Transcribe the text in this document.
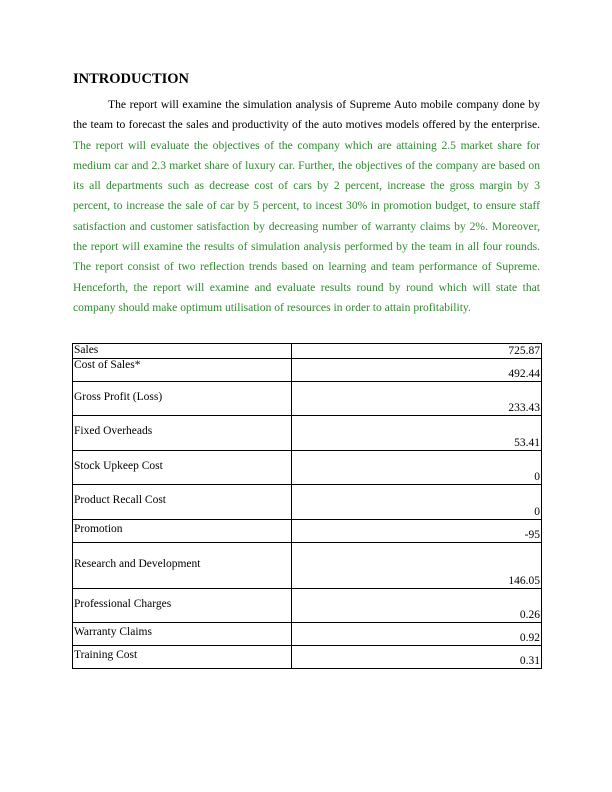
INTRODUCTION

The report will examine the simulation analysis of Supreme Auto mobile company done by the team to forecast the sales and productivity of the auto motives models offered by the enterprise. The report will evaluate the objectives of the company which are attaining 2.5 market share for medium car and 2.3 market share of luxury car. Further, the objectives of the company are based on its all departments such as decrease cost of cars by 2 percent, increase the gross margin by 3 percent, to increase the sale of car by 5 percent, to incest 30% in promotion budget, to ensure staff satisfaction and customer satisfaction by decreasing number of warranty claims by 2%. Moreover, the report will examine the results of simulation analysis performed by the team in all four rounds. The report consist of two reflection trends based on learning and team performance of Supreme. Henceforth, the report will examine and evaluate results round by round which will state that company should make optimum utilisation of resources in order to attain profitability.

Sales	725.87
Cost of Sales*	492.44
Gross Profit (Loss)	233.43
Fixed Overheads	53.41
Stock Upkeep Cost	0
Product Recall Cost	0
Promotion	-95
Research and Development	146.05
Professional Charges	0.26
Warranty Claims	0.92
Training Cost	0.31
